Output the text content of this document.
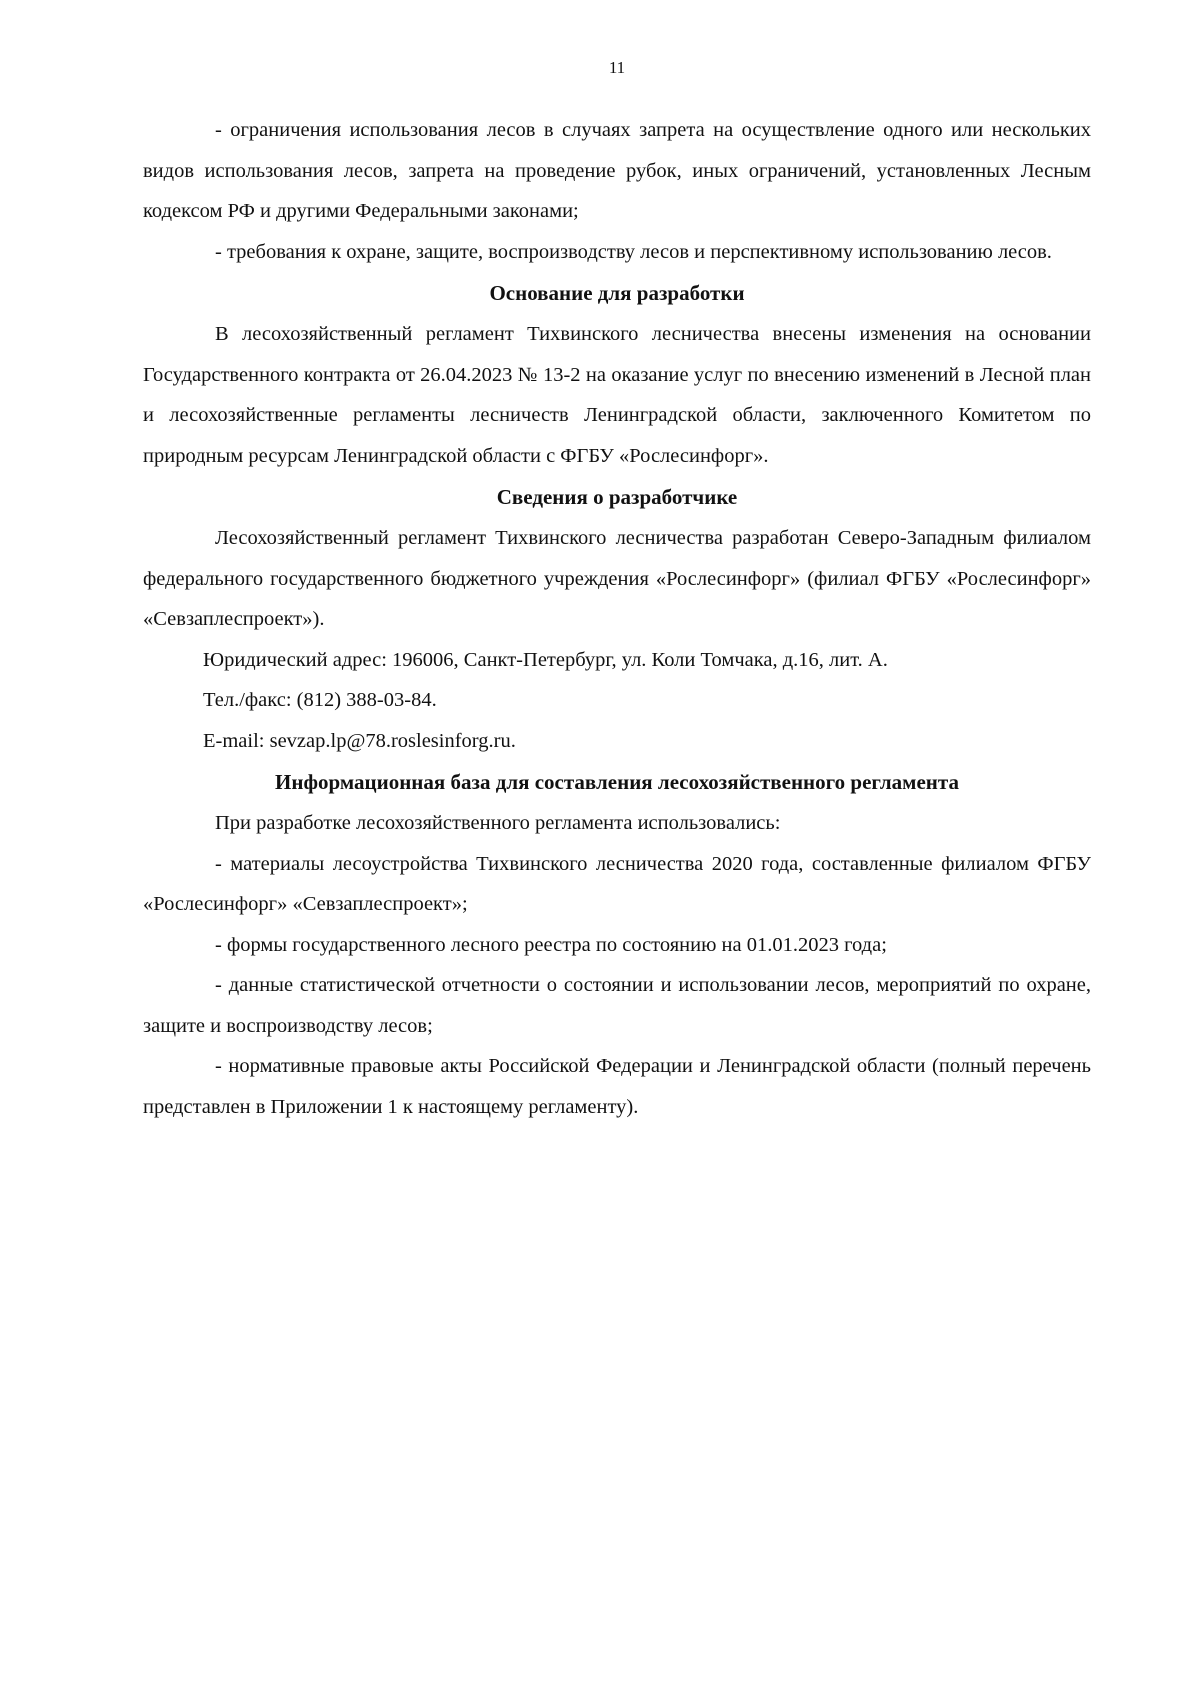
11

- ограничения использования лесов в случаях запрета на осуществление одного или нескольких видов использования лесов, запрета на проведение рубок, иных ограничений, установленных Лесным кодексом РФ и другими Федеральными законами;

- требования к охране, защите, воспроизводству лесов и перспективному использованию лесов.

Основание для разработки

В лесохозяйственный регламент Тихвинского лесничества внесены изменения на основании Государственного контракта от 26.04.2023 № 13-2 на оказание услуг по внесению изменений в Лесной план и лесохозяйственные регламенты лесничеств Ленинградской области, заключенного Комитетом по природным ресурсам Ленинградской области с ФГБУ «Рослесинфорг».

Сведения о разработчике

Лесохозяйственный регламент Тихвинского лесничества разработан Северо-Западным филиалом федерального государственного бюджетного учреждения «Рослесинфорг» (филиал ФГБУ «Рослесинфорг» «Севзаплеспроект»).

Юридический адрес: 196006, Санкт-Петербург, ул. Коли Томчака, д.16, лит. А.

Тел./факс: (812) 388-03-84.

E-mail: sevzap.lp@78.roslesinforg.ru.

Информационная база для составления лесохозяйственного регламента

При разработке лесохозяйственного регламента использовались:

- материалы лесоустройства Тихвинского лесничества 2020 года, составленные филиалом ФГБУ «Рослесинфорг» «Севзаплеспроект»;

- формы государственного лесного реестра по состоянию на 01.01.2023 года;

- данные статистической отчетности о состоянии и использовании лесов, мероприятий по охране, защите и воспроизводству лесов;

- нормативные правовые акты Российской Федерации и Ленинградской области (полный перечень представлен в Приложении 1 к настоящему регламенту).
